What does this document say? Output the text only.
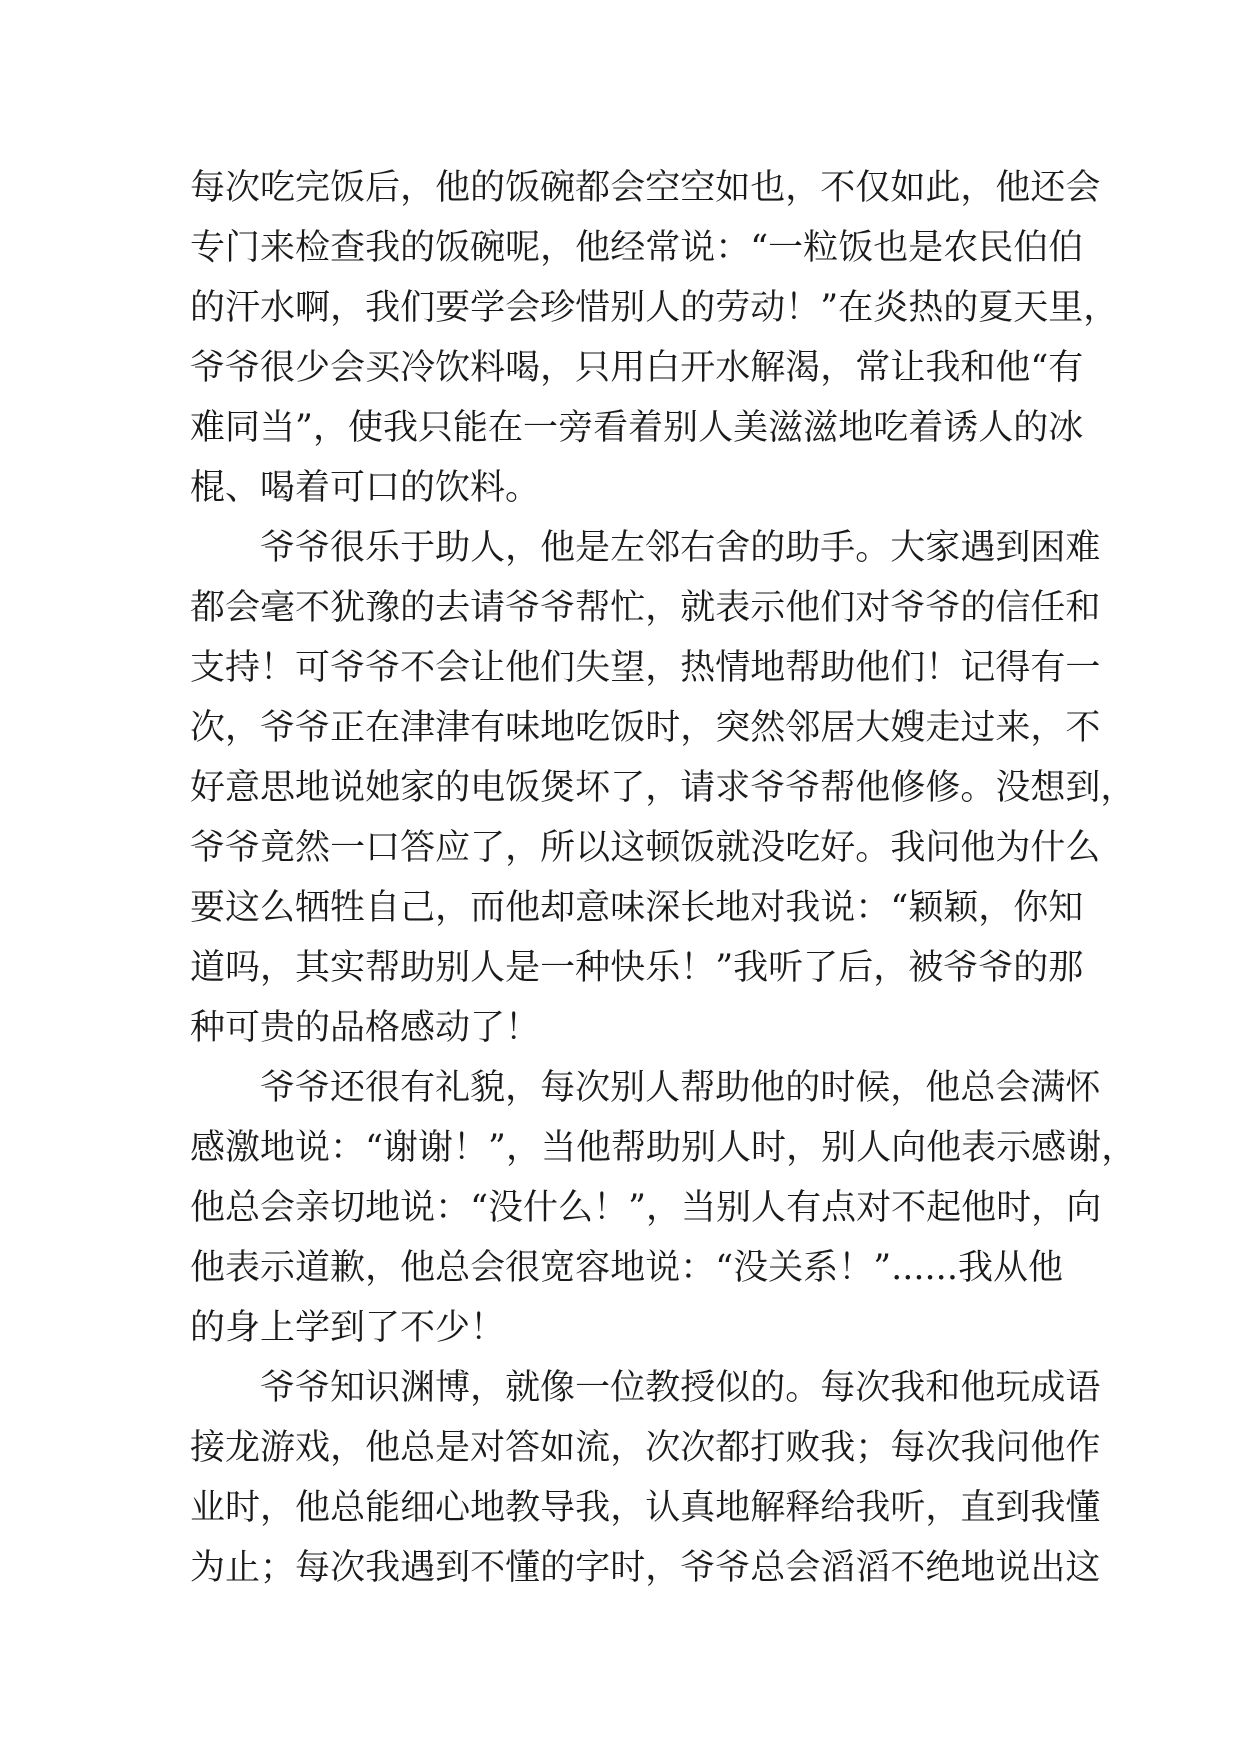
每 次 吃 完 饭 后 ， 他 的 饭 碗 都 会 空 空 如 也 ， 不 仅 如 此 ， 他 还 会
专 门 来 检 查 我 的 饭 碗 呢 ， 他 经 常 说 ： “ 一 粒 饭 也 是 农 民 伯 伯
的 汗 水 啊 ， 我 们 要 学 会 珍 惜 别 人 的 劳 动 ！ ” 在 炎 热 的 夏 天 里 ，
爷 爷 很 少 会 买 冷 饮 料 喝 ， 只 用 白 开 水 解 渴 ， 常 让 我 和 他 “ 有
难 同 当 ” ， 使 我 只 能 在 一 旁 看 着 别 人 美 滋 滋 地 吃 着 诱 人 的 冰
棍、喝着可口的饮料。
爷 爷 很 乐 于 助 人 ， 他 是 左 邻 右 舍 的 助 手 。 大 家 遇 到 困 难
都 会 毫 不 犹 豫 的 去 请 爷 爷 帮 忙 ， 就 表 示 他 们 对 爷 爷 的 信 任 和
支 持 ！ 可 爷 爷 不 会 让 他 们 失 望 ， 热 情 地 帮 助 他 们 ！ 记 得 有 一
次 ， 爷 爷 正 在 津 津 有 味 地 吃 饭 时 ， 突 然 邻 居 大 嫂 走 过 来 ， 不
好 意 思 地 说 她 家 的 电 饭 煲 坏 了 ， 请 求 爷 爷 帮 他 修 修 。 没 想 到 ，
爷 爷 竟 然 一 口 答 应 了 ， 所 以 这 顿 饭 就 没 吃 好 。 我 问 他 为 什 么
要 这 么 牺 牲 自 己 ， 而 他 却 意 味 深 长 地 对 我 说 ： “ 颖 颖 ， 你 知
道 吗 ， 其 实 帮 助 别 人 是 一 种 快 乐 ！ ” 我 听 了 后 ， 被 爷 爷 的 那
种可贵的品格感动了！
爷 爷 还 很 有 礼 貌 ， 每 次 别 人 帮 助 他 的 时 候 ， 他 总 会 满 怀
感 激 地 说 ： “ 谢 谢 ！ ” ， 当 他 帮 助 别 人 时 ， 别 人 向 他 表 示 感 谢 ，
他 总 会 亲 切 地 说 ： “ 没 什 么 ！ ” ， 当 别 人 有 点 对 不 起 他 时 ， 向
他 表 示 道 歉 ， 他 总 会 很 宽 容 地 说 ： “ 没 关 系 ！ ” . . . . . . 我 从 他
的身上学到了不少！
爷 爷 知 识 渊 博 ， 就 像 一 位 教 授 似 的 。 每 次 我 和 他 玩 成 语
接 龙 游 戏 ， 他 总 是 对 答 如 流 ， 次 次 都 打 败 我 ； 每 次 我 问 他 作
业 时 ， 他 总 能 细 心 地 教 导 我 ， 认 真 地 解 释 给 我 听 ， 直 到 我 懂
为 止 ； 每 次 我 遇 到 不 懂 的 字 时 ， 爷 爷 总 会 滔 滔 不 绝 地 说 出 这
